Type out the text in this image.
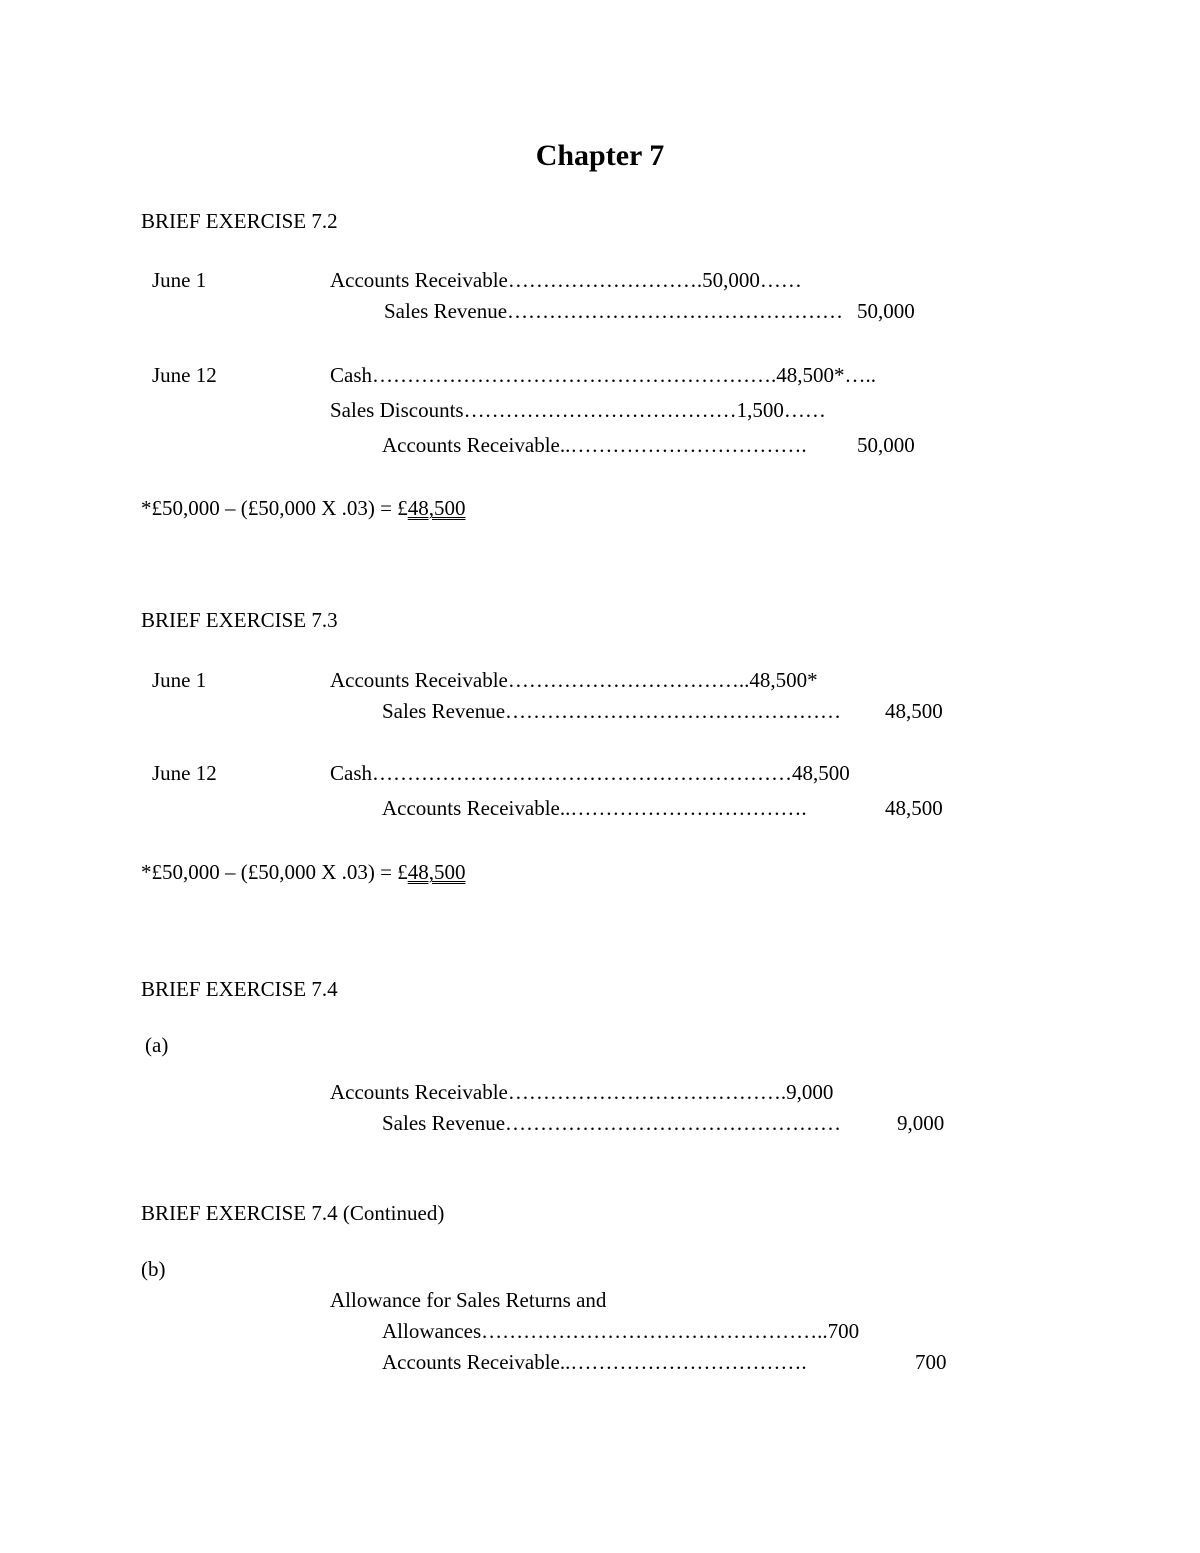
Chapter 7
BRIEF EXERCISE 7.2
June 1	Accounts Receivable……………………….50,000……
Sales Revenue………………………………………… 50,000
June 12	Cash………………………………………………….48,500*…..
Sales Discounts…………………………………1,500……
Accounts Receivable..……………………………. 50,000
*£50,000 – (£50,000 X .03) = £48,500
BRIEF EXERCISE 7.3
June 1	Accounts Receivable……………………………..48,500*
Sales Revenue………………………………………… 48,500
June 12	Cash……………………………………………………48,500
Accounts Receivable..…………………………….	48,500
*£50,000 – (£50,000 X .03) = £48,500
BRIEF EXERCISE 7.4
(a)
Accounts Receivable………………………………….9,000
Sales Revenue…………………………………………	9,000
BRIEF EXERCISE 7.4 (Continued)
(b)
Allowance for Sales Returns and
Allowances…………………………………………..700
Accounts Receivable..…………………………….	700
